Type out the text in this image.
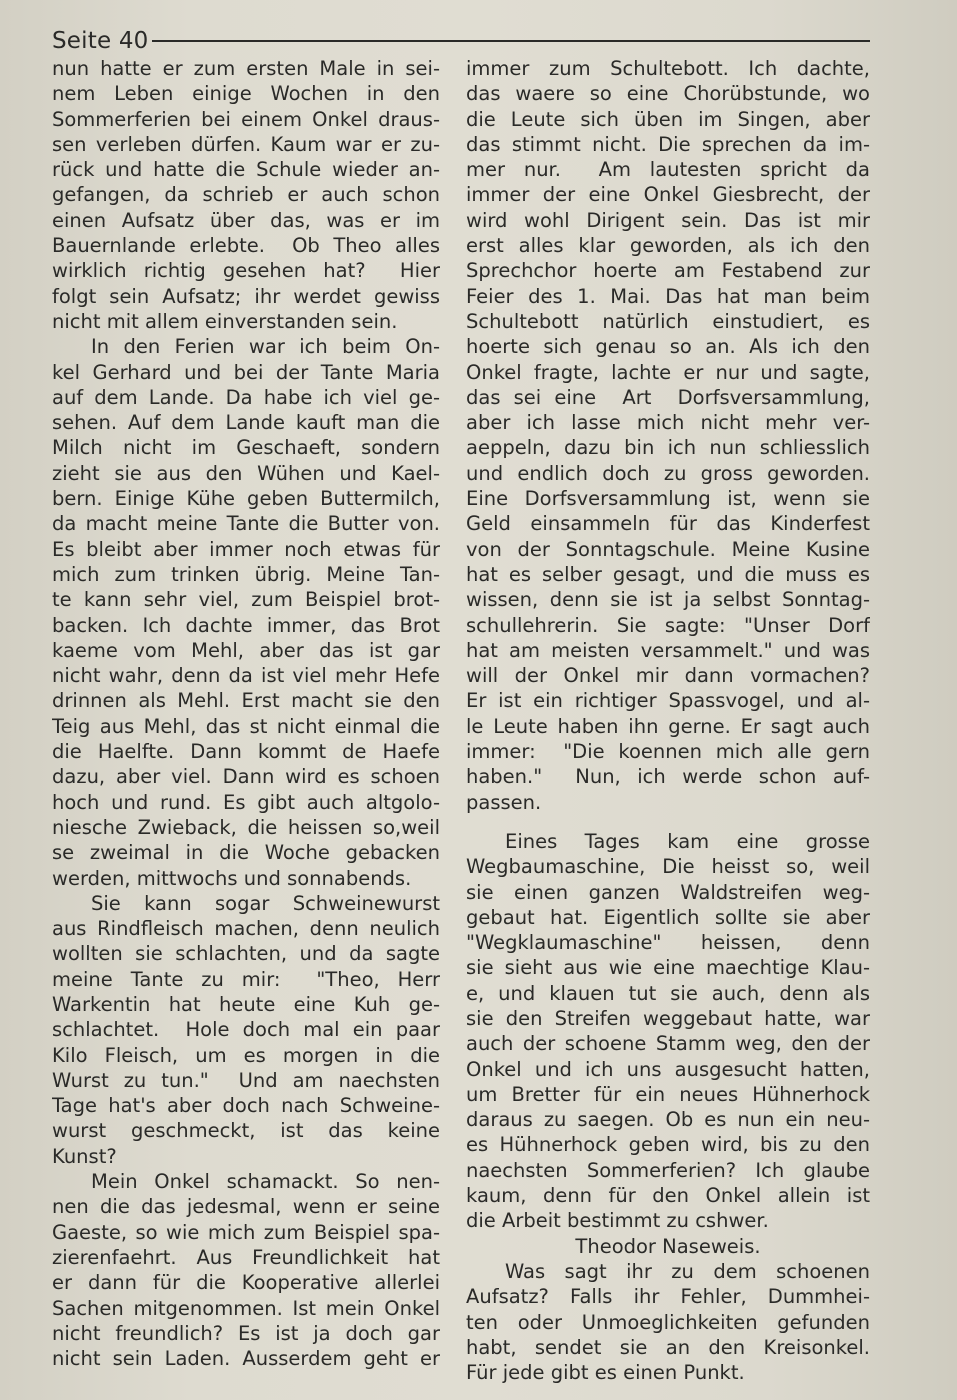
Seite 40
nun hatte er zum ersten Male in sei-
nem Leben einige Wochen in den
Sommerferien bei einem Onkel draus-
sen verleben dürfen. Kaum war er zu-
rück und hatte die Schule wieder an-
gefangen, da schrieb er auch schon
einen Aufsatz über das, was er im
Bauernlande erlebte.  Ob Theo alles
wirklich richtig gesehen hat?  Hier
folgt sein Aufsatz; ihr werdet gewiss
nicht mit allem einverstanden sein.
  In den Ferien war ich beim On-
kel Gerhard und bei der Tante Maria
auf dem Lande. Da habe ich viel ge-
sehen. Auf dem Lande kauft man die
Milch nicht im Geschaeft, sondern
zieht sie aus den Wühen und Kael-
bern. Einige Kühe geben Buttermilch,
da macht meine Tante die Butter von.
Es bleibt aber immer noch etwas für
mich zum trinken übrig. Meine Tan-
te kann sehr viel, zum Beispiel brot-
backen. Ich dachte immer, das Brot
kaeme vom Mehl, aber das ist gar
nicht wahr, denn da ist viel mehr Hefe
drinnen als Mehl. Erst macht sie den
Teig aus Mehl, das st nicht einmal die
die Haelfte. Dann kommt de Haefe
dazu, aber viel. Dann wird es schoen
hoch und rund. Es gibt auch altgolo-
niesche Zwieback, die heissen so,weil
se zweimal in die Woche gebacken
werden, mittwochs und sonnabends.
  Sie  kann  sogar  Schweinewurst
aus Rindfleisch machen, denn neulich
wollten sie schlachten, und da sagte
meine Tante zu mir:  "Theo, Herr
Warkentin hat heute eine Kuh ge-
schlachtet.  Hole doch mal ein paar
Kilo Fleisch, um es morgen in die
Wurst zu tun."  Und am naechsten
Tage hat's aber doch nach Schweine-
wurst  geschmeckt,  ist  das  keine
Kunst?
  Mein Onkel schamackt. So nen-
nen die das jedesmal, wenn er seine
Gaeste, so wie mich zum Beispiel spa-
zierenfaehrt. Aus Freundlichkeit hat
er dann für die Kooperative allerlei
Sachen mitgenommen. Ist mein Onkel
nicht freundlich? Es ist ja doch gar
nicht sein Laden. Ausserdem geht er
immer zum Schultebott. Ich dachte,
das waere so eine Chorübstunde, wo
die Leute sich üben im Singen, aber
das stimmt nicht. Die sprechen da im-
mer nur.  Am lautesten spricht da
immer der eine Onkel Giesbrecht, der
wird wohl Dirigent sein. Das ist mir
erst alles klar geworden, als ich den
Sprechchor hoerte am Festabend zur
Feier des 1. Mai. Das hat man beim
Schultebott natürlich einstudiert, es
hoerte sich genau so an. Als ich den
Onkel fragte, lachte er nur und sagte,
das sei eine  Art  Dorfsversammlung,
aber ich lasse mich nicht mehr ver-
aeppeln, dazu bin ich nun schliesslich
und endlich doch zu gross geworden.
Eine Dorfsversammlung ist, wenn sie
Geld einsammeln für das Kinderfest
von der Sonntagschule. Meine Kusine
hat es selber gesagt, und die muss es
wissen, denn sie ist ja selbst Sonntag-
schullehrerin. Sie sagte: "Unser Dorf
hat am meisten versammelt." und was
will der Onkel mir dann vormachen?
Er ist ein richtiger Spassvogel, und al-
le Leute haben ihn gerne. Er sagt auch
immer:  "Die koennen mich alle gern
haben."  Nun, ich werde schon auf-
passen.
  Eines  Tages  kam  eine  grosse
Wegbaumaschine, Die heisst so, weil
sie einen ganzen Waldstreifen weg-
gebaut hat. Eigentlich sollte sie aber
"Wegklaumaschine"  heissen,  denn
sie sieht aus wie eine maechtige Klau-
e, und klauen tut sie auch, denn als
sie den Streifen weggebaut hatte, war
auch der schoene Stamm weg, den der
Onkel und ich uns ausgesucht hatten,
um Bretter für ein neues Hühnerhock
daraus zu saegen. Ob es nun ein neu-
es Hühnerhock geben wird, bis zu den
naechsten Sommerferien? Ich glaube
kaum, denn für den Onkel allein ist
die Arbeit bestimmt zu cshwer.
Theodor Naseweis.
  Was sagt ihr zu dem schoenen
Aufsatz? Falls ihr Fehler, Dummhei-
ten oder Unmoeglichkeiten gefunden
habt, sendet sie an den Kreisonkel.
Für jede gibt es einen Punkt.
